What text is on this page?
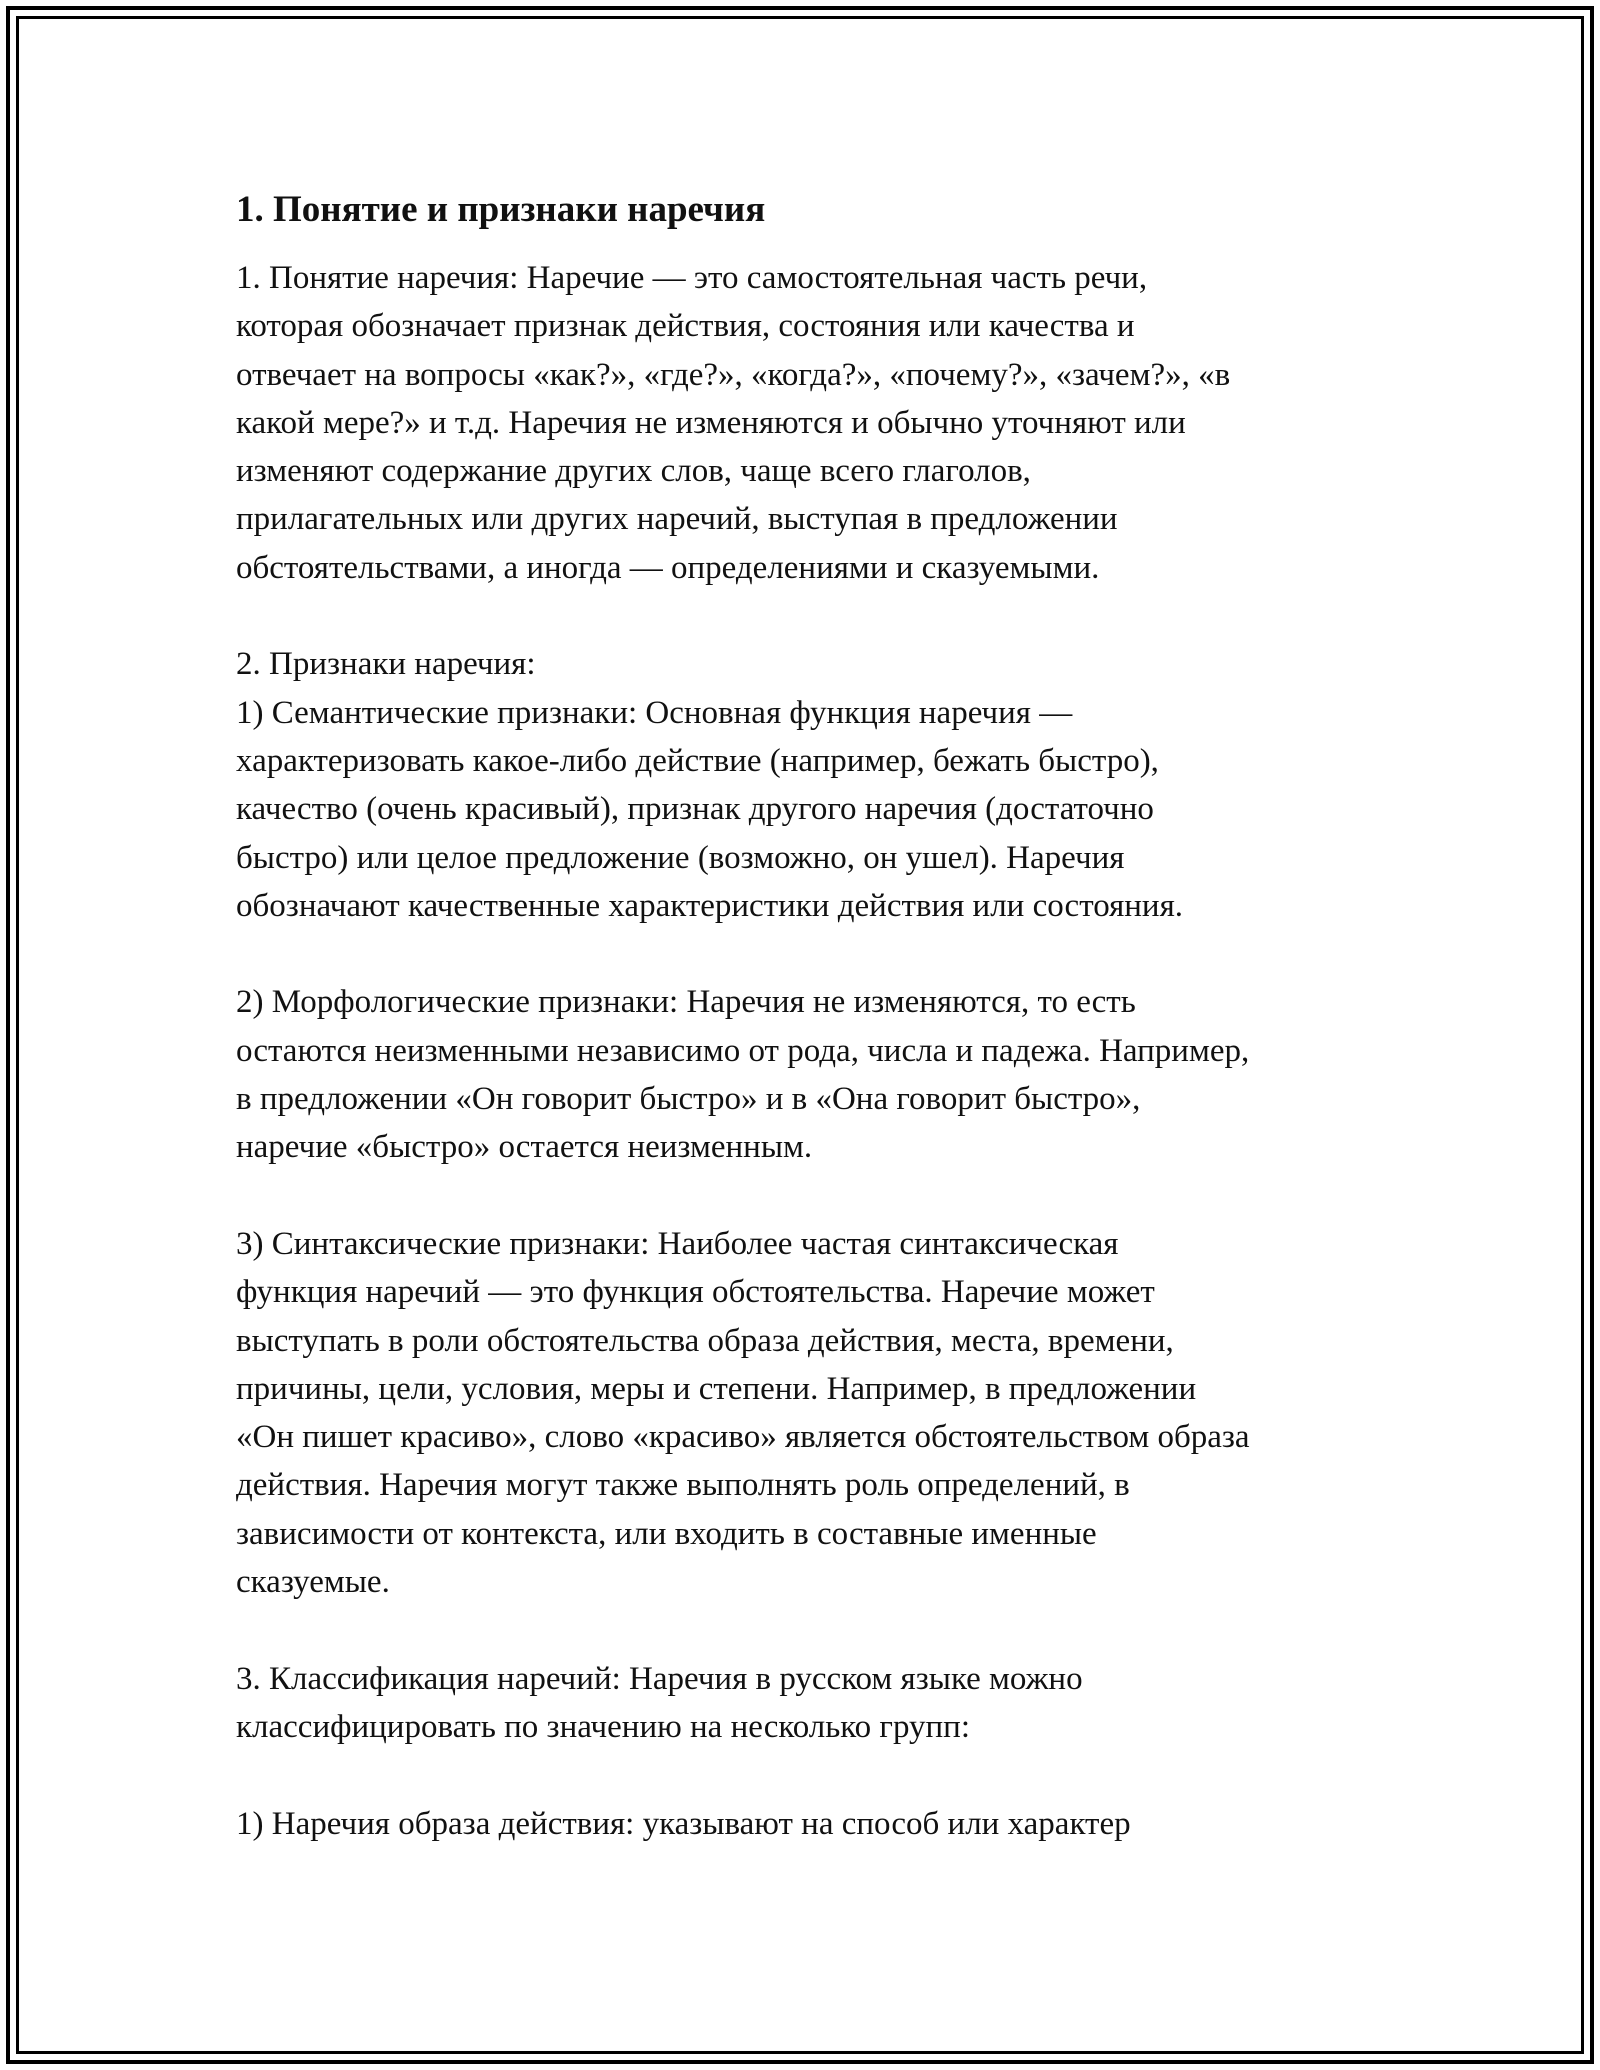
1. Понятие и признаки наречия

1. Понятие наречия: Наречие — это самостоятельная часть речи,
которая обозначает признак действия, состояния или качества и
отвечает на вопросы «как?», «где?», «когда?», «почему?», «зачем?», «в
какой мере?» и т.д. Наречия не изменяются и обычно уточняют или
изменяют содержание других слов, чаще всего глаголов,
прилагательных или других наречий, выступая в предложении
обстоятельствами, а иногда — определениями и сказуемыми.

2. Признаки наречия:
1) Семантические признаки: Основная функция наречия —
характеризовать какое-либо действие (например, бежать быстро),
качество (очень красивый), признак другого наречия (достаточно
быстро) или целое предложение (возможно, он ушел). Наречия
обозначают качественные характеристики действия или состояния.

2) Морфологические признаки: Наречия не изменяются, то есть
остаются неизменными независимо от рода, числа и падежа. Например,
в предложении «Он говорит быстро» и в «Она говорит быстро»,
наречие «быстро» остается неизменным.

3) Синтаксические признаки: Наиболее частая синтаксическая
функция наречий — это функция обстоятельства. Наречие может
выступать в роли обстоятельства образа действия, места, времени,
причины, цели, условия, меры и степени. Например, в предложении
«Он пишет красиво», слово «красиво» является обстоятельством образа
действия. Наречия могут также выполнять роль определений, в
зависимости от контекста, или входить в составные именные
сказуемые.

3. Классификация наречий: Наречия в русском языке можно
классифицировать по значению на несколько групп:

1) Наречия образа действия: указывают на способ или характер
